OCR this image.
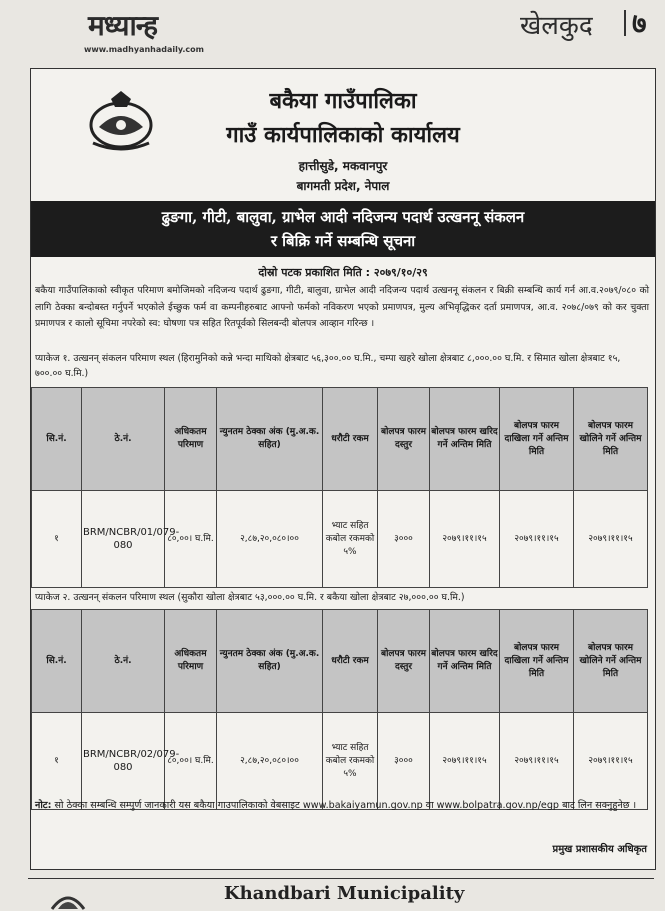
मध्यान्ह
www.madhyanhadaily.com
खेलकुद ७
बकैया गाउँपालिका
गाउँ कार्यपालिकाको कार्यालय
हात्तीसुडे, मकवानपुर
बागमती प्रदेश, नेपाल
ढुङगा, गीटी, बालुवा, ग्राभेल आदी नदिजन्य पदार्थ उत्खननू संकलन
र बिक्रि गर्ने सम्बन्धि सूचना
दोस्रो पटक प्रकाशित मिति : २०७९/१०/२९
बकैया गाउँपालिकाको स्वीकृत परिमाण बमोजिमको नदिजन्य पदार्थ ढुङगा, गीटी, बालुवा, ग्राभेल आदी नदिजन्य पदार्थ उत्खननू संकलन र बिक्री सम्बन्धि कार्य गर्न आ.व.२०७९/०८० को लागि ठेक्का बन्दोबस्त गर्नुपर्ने भएकोले ईच्छुक फर्म वा कम्पनीहरुबाट आफ्नो फर्मको नविकरण भएको प्रमाणपत्र, मुल्य अभिवृद्धिकर दर्ता प्रमाणपत्र, आ.व. २०७८/०७९ को कर चुक्ता प्रमाणपत्र र कालो सूचिमा नपरेको स्व: घोषणा पत्र सहित रितपूर्वको सिलबन्दी बोलपत्र आव्हान गरिन्छ ।
प्याकेज १. उत्खनन् संकलन परिमाण स्थल (हिरामुनिको कन्ने भन्दा माथिको क्षेत्रबाट ५६,३००.०० घ.मि., चम्पा खहरे खोला क्षेत्रबाट ८,०००.०० घ.मि. र सिमात खोला क्षेत्रबाट १५, ७००.०० घ.मि.)
सि.नं.	ठे.नं.	अधिकतम परिमाण	न्युनतम ठेक्का अंक (मु.अ.क. सहित)	धरौटी रकम	बोलपत्र फारम दस्तुर	बोलपत्र फारम खरिद गर्ने अन्तिम मिति	बोलपत्र फारम दाखिला गर्ने अन्तिम मिति	बोलपत्र फारम खोलिने गर्ने अन्तिम मिति
१	BRM/NCBR/01/079-080	८०,००। घ.मि.	२,८७,२०,०८०।००	भ्याट सहित कबोल रकमको ५%	३०००	२०७९।११।१५	२०७९।११।१५	२०७९।११।१५
प्याकेज २. उत्खनन् संकलन परिमाण स्थल (सुकौरा खोला क्षेत्रबाट ५३,०००.०० घ.मि. र बकैया खोला क्षेत्रबाट २७,०००.०० घ.मि.)
सि.नं.	ठे.नं.	अधिकतम परिमाण	न्युनतम ठेक्का अंक (मु.अ.क. सहित)	धरौटी रकम	बोलपत्र फारम दस्तुर	बोलपत्र फारम खरिद गर्ने अन्तिम मिति	बोलपत्र फारम दाखिला गर्ने अन्तिम मिति	बोलपत्र फारम खोलिने गर्ने अन्तिम मिति
१	BRM/NCBR/02/079-080	८०,००। घ.मि.	२,८७,२०,०८०।००	भ्याट सहित कबोल रकमको ५%	३०००	२०७९।११।१५	२०७९।११।१५	२०७९।११।१५
नोट: सो ठेक्का सम्बन्धि सम्पुर्ण जानकारी यस बकैया गाउपालिकाको वेबसाइट www.bakaiyamun.gov.np वा www.bolpatra.gov.np/egp बाट लिन सक्नुहुनेछ ।
प्रमुख प्रशासकीय अधिकृत
Khandbari Municipality
